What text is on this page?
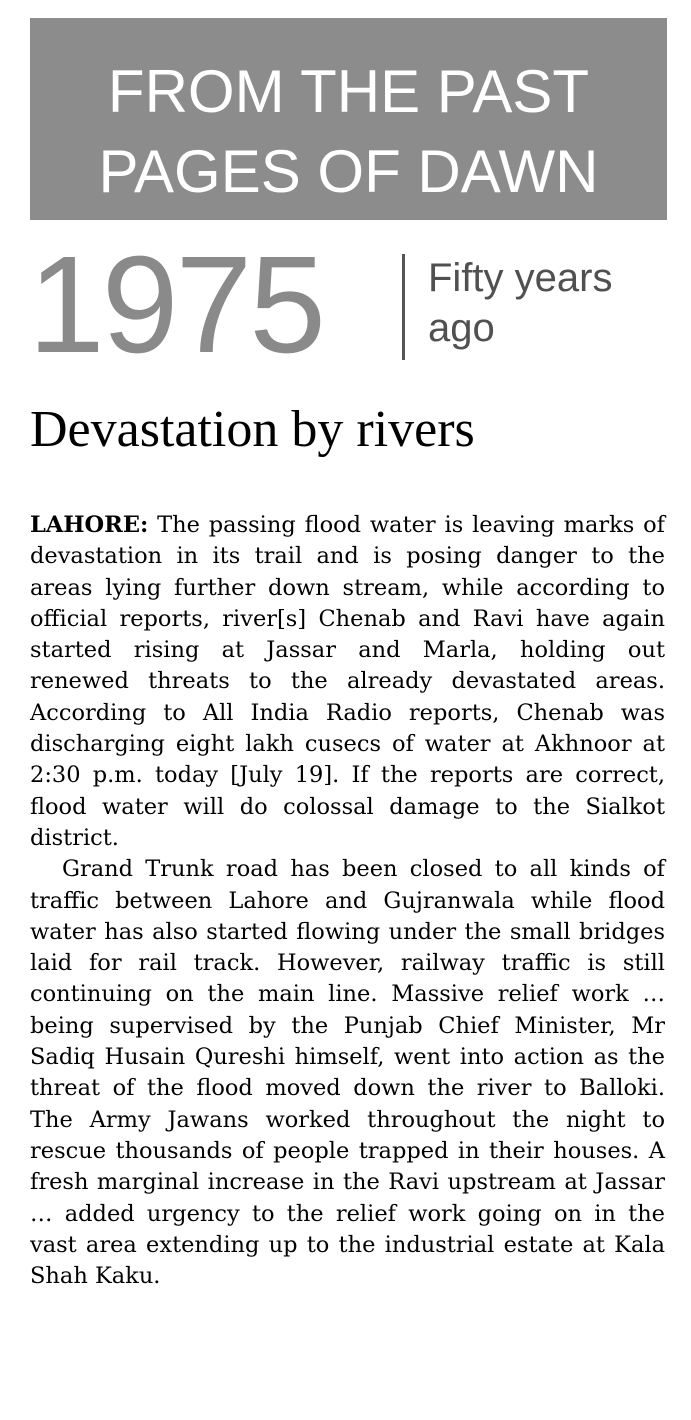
FROM THE PAST
PAGES OF DAWN
1975	Fifty years
ago
Devastation by rivers

LAHORE: The passing flood water is leaving marks of devastation in its trail and is posing danger to the areas lying further down stream, while according to official reports, river[s] Chenab and Ravi have again started rising at Jassar and Marla, holding out renewed threats to the already devastated areas. According to All India Radio reports, Chenab was discharging eight lakh cusecs of water at Akhnoor at 2:30 p.m. today [July 19]. If the reports are correct, flood water will do colossal damage to the Sialkot district.

Grand Trunk road has been closed to all kinds of traffic between Lahore and Gujranwala while flood water has also started flowing under the small bridges laid for rail track. However, railway traffic is still continuing on the main line. Massive relief work … being supervised by the Punjab Chief Minister, Mr Sadiq Husain Qureshi himself, went into action as the threat of the flood moved down the river to Balloki. The Army Jawans worked throughout the night to rescue thousands of people trapped in their houses. A fresh marginal increase in the Ravi upstream at Jassar … added urgency to the relief work going on in the vast area extending up to the industrial estate at Kala Shah Kaku.
